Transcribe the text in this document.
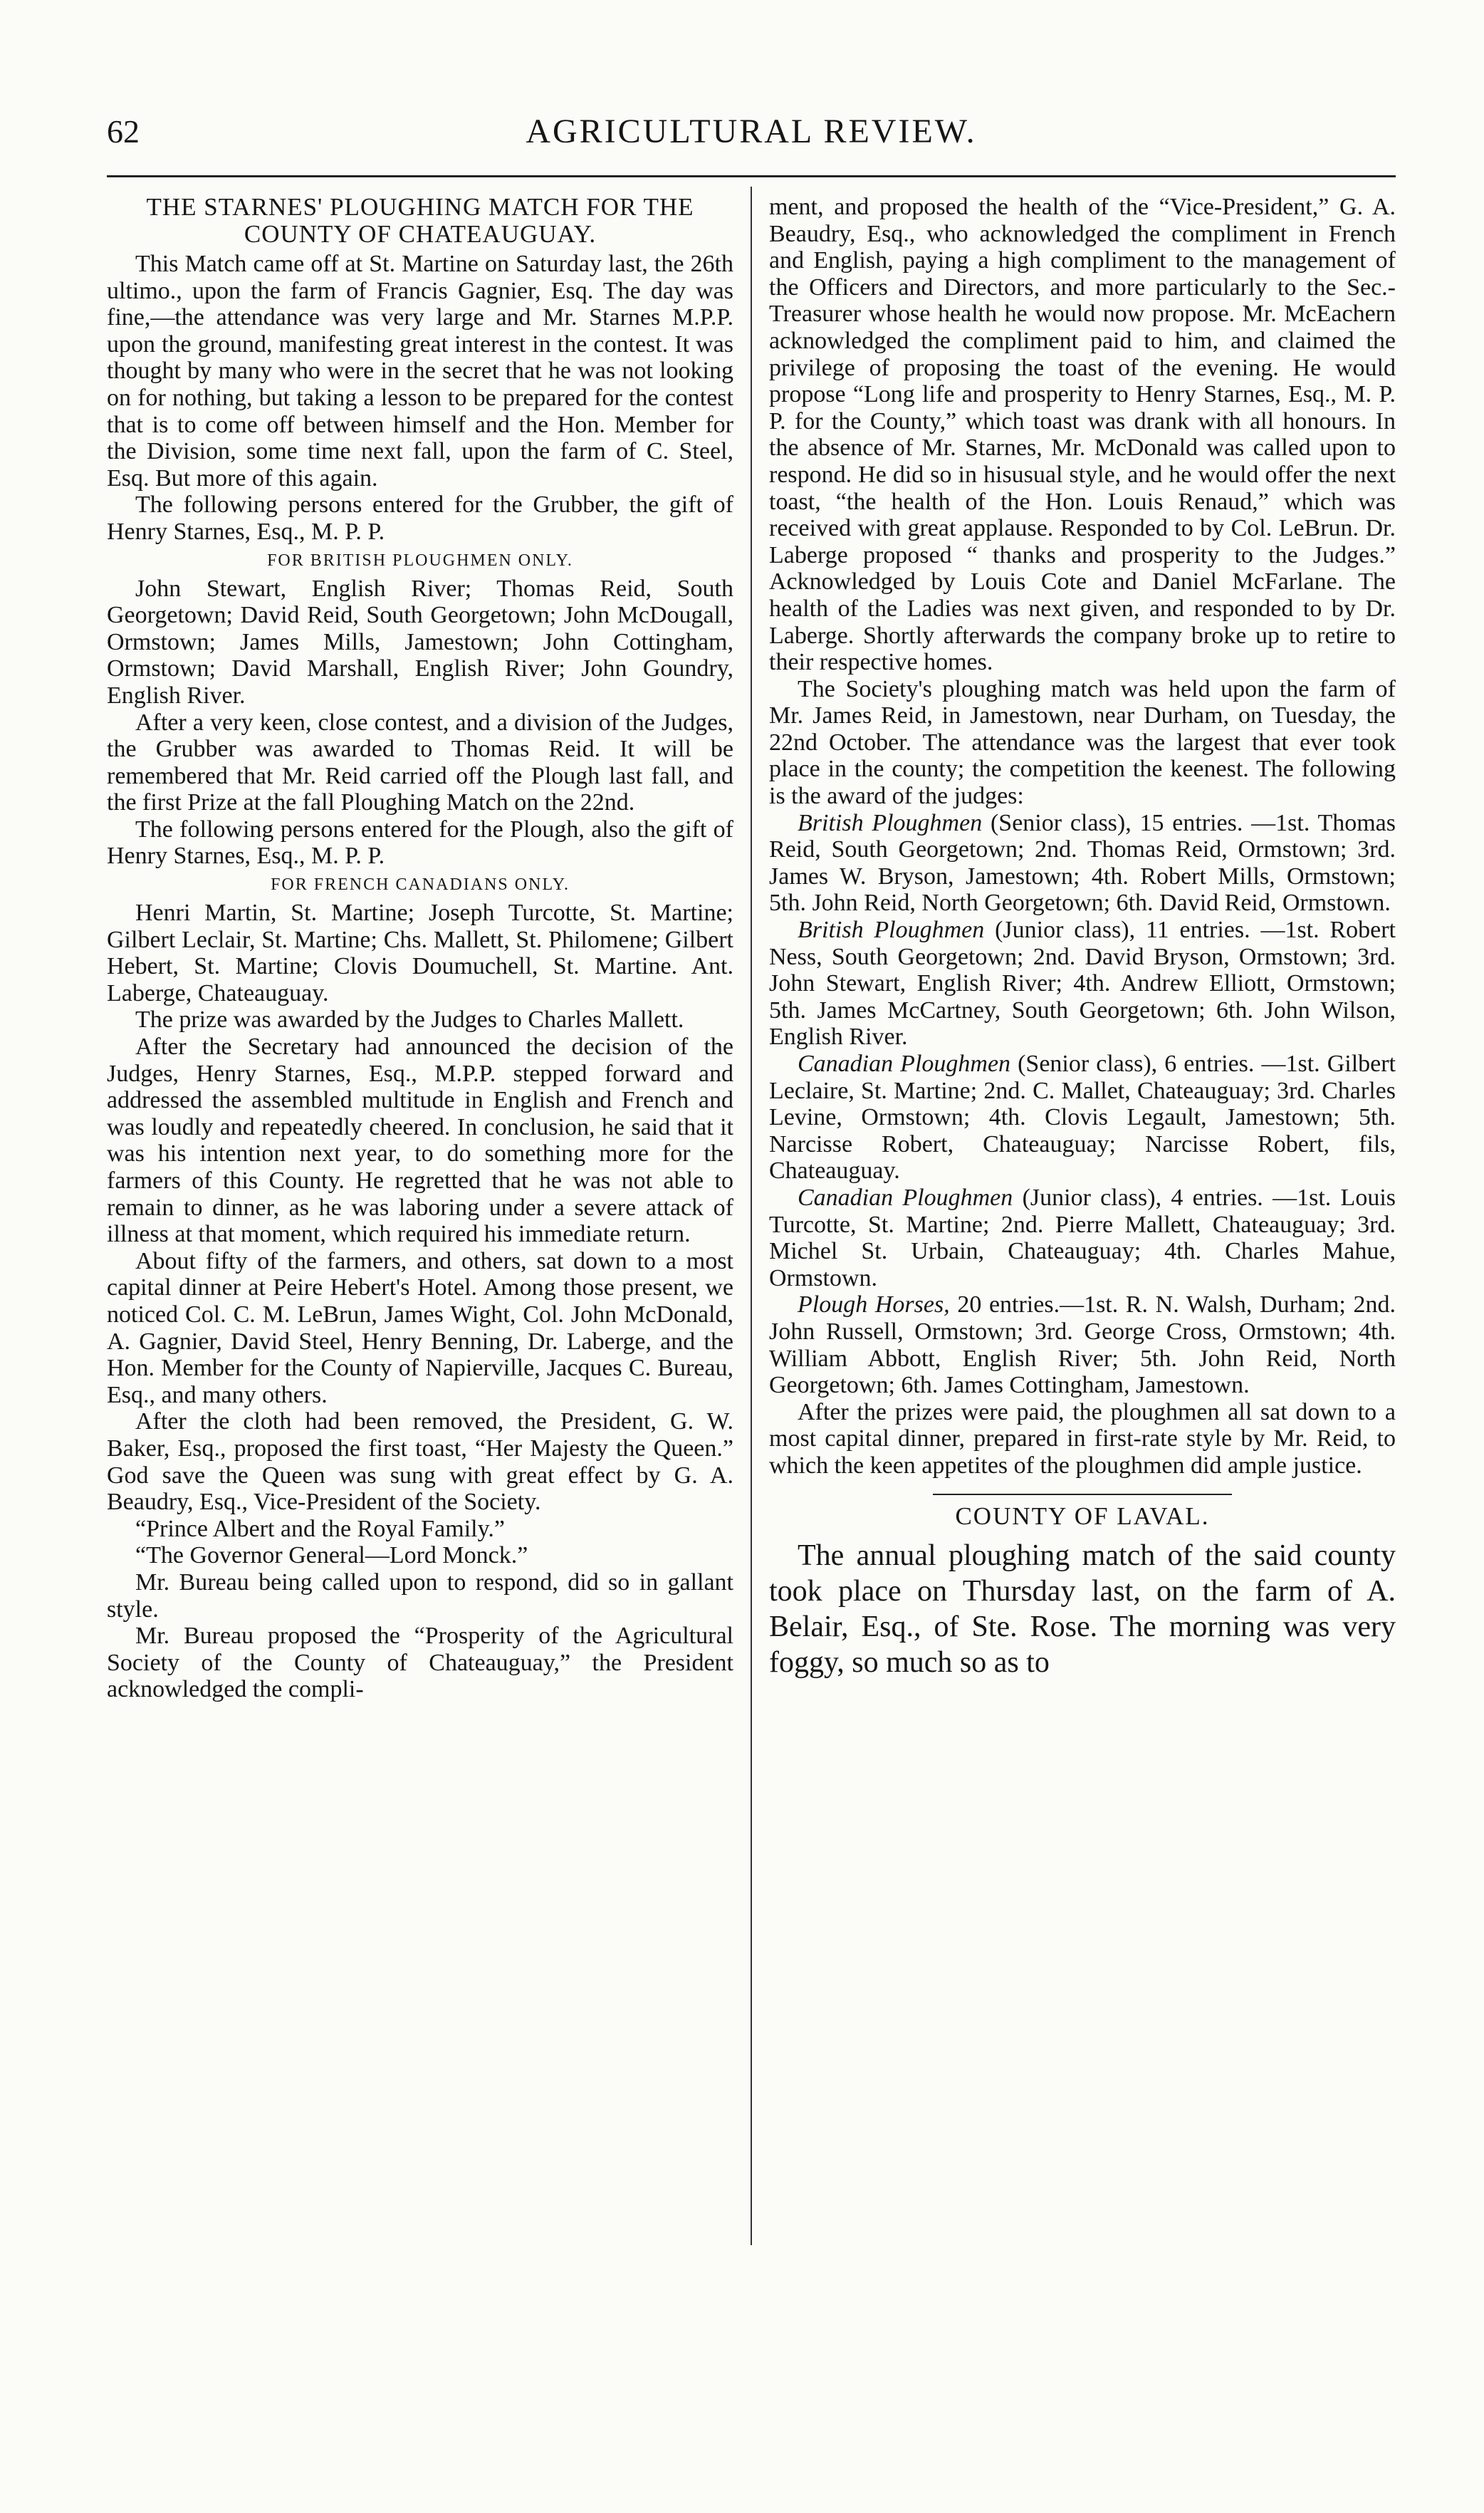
62	AGRICULTURAL REVIEW.
THE STARNES' PLOUGHING MATCH FOR THE COUNTY OF CHATEAUGUAY.

This Match came off at St. Martine on Saturday last, the 26th ultimo., upon the farm of Francis Gagnier, Esq. The day was fine,—the attendance was very large and Mr. Starnes M.P.P. upon the ground, manifesting great interest in the contest. It was thought by many who were in the secret that he was not looking on for nothing, but taking a lesson to be prepared for the contest that is to come off between himself and the Hon. Member for the Division, some time next fall, upon the farm of C. Steel, Esq. But more of this again.

The following persons entered for the Grubber, the gift of Henry Starnes, Esq., M. P. P.

FOR BRITISH PLOUGHMEN ONLY.

John Stewart, English River; Thomas Reid, South Georgetown; David Reid, South Georgetown; John McDougall, Ormstown; James Mills, Jamestown; John Cottingham, Ormstown; David Marshall, English River; John Goundry, English River.

After a very keen, close contest, and a division of the Judges, the Grubber was awarded to Thomas Reid. It will be remembered that Mr. Reid carried off the Plough last fall, and the first Prize at the fall Ploughing Match on the 22nd.

The following persons entered for the Plough, also the gift of Henry Starnes, Esq., M. P. P.

FOR FRENCH CANADIANS ONLY.

Henri Martin, St. Martine; Joseph Turcotte, St. Martine; Gilbert Leclair, St. Martine; Chs. Mallett, St. Philomene; Gilbert Hebert, St. Martine; Clovis Doumuchell, St. Martine. Ant. Laberge, Chateauguay.

The prize was awarded by the Judges to Charles Mallett.

After the Secretary had announced the decision of the Judges, Henry Starnes, Esq., M.P.P. stepped forward and addressed the assembled multitude in English and French and was loudly and repeatedly cheered. In conclusion, he said that it was his intention next year, to do something more for the farmers of this County. He regretted that he was not able to remain to dinner, as he was laboring under a severe attack of illness at that moment, which required his immediate return.

About fifty of the farmers, and others, sat down to a most capital dinner at Peire Hebert's Hotel. Among those present, we noticed Col. C. M. LeBrun, James Wight, Col. John McDonald, A. Gagnier, David Steel, Henry Benning, Dr. Laberge, and the Hon. Member for the County of Napierville, Jacques C. Bureau, Esq., and many others.

After the cloth had been removed, the President, G. W. Baker, Esq., proposed the first toast, “Her Majesty the Queen.” God save the Queen was sung with great effect by G. A. Beaudry, Esq., Vice-President of the Society.

“Prince Albert and the Royal Family.”

“The Governor General—Lord Monck.”

Mr. Bureau being called upon to respond, did so in gallant style.

Mr. Bureau proposed the “Prosperity of the Agricultural Society of the County of Chateauguay,” the President acknowledged the compli-

ment, and proposed the health of the “Vice-President,” G. A. Beaudry, Esq., who acknowledged the compliment in French and English, paying a high compliment to the management of the Officers and Directors, and more particularly to the Sec.-Treasurer whose health he would now propose. Mr. McEachern acknowledged the compliment paid to him, and claimed the privilege of proposing the toast of the evening. He would propose “Long life and prosperity to Henry Starnes, Esq., M. P. P. for the County,” which toast was drank with all honours. In the absence of Mr. Starnes, Mr. McDonald was called upon to respond. He did so in hisusual style, and he would offer the next toast, “the health of the Hon. Louis Renaud,” which was received with great applause. Responded to by Col. LeBrun. Dr. Laberge proposed “ thanks and prosperity to the Judges.” Acknowledged by Louis Cote and Daniel McFarlane. The health of the Ladies was next given, and responded to by Dr. Laberge. Shortly afterwards the company broke up to retire to their respective homes.

The Society's ploughing match was held upon the farm of Mr. James Reid, in Jamestown, near Durham, on Tuesday, the 22nd October. The attendance was the largest that ever took place in the county; the competition the keenest. The following is the award of the judges:

British Ploughmen (Senior class), 15 entries. —1st. Thomas Reid, South Georgetown; 2nd. Thomas Reid, Ormstown; 3rd. James W. Bryson, Jamestown; 4th. Robert Mills, Ormstown; 5th. John Reid, North Georgetown; 6th. David Reid, Ormstown.

British Ploughmen (Junior class), 11 entries. —1st. Robert Ness, South Georgetown; 2nd. David Bryson, Ormstown; 3rd. John Stewart, English River; 4th. Andrew Elliott, Ormstown; 5th. James McCartney, South Georgetown; 6th. John Wilson, English River.

Canadian Ploughmen (Senior class), 6 entries. —1st. Gilbert Leclaire, St. Martine; 2nd. C. Mallet, Chateauguay; 3rd. Charles Levine, Ormstown; 4th. Clovis Legault, Jamestown; 5th. Narcisse Robert, Chateauguay; Narcisse Robert, fils, Chateauguay.

Canadian Ploughmen (Junior class), 4 entries. —1st. Louis Turcotte, St. Martine; 2nd. Pierre Mallett, Chateauguay; 3rd. Michel St. Urbain, Chateauguay; 4th. Charles Mahue, Ormstown.

Plough Horses, 20 entries.—1st. R. N. Walsh, Durham; 2nd. John Russell, Ormstown; 3rd. George Cross, Ormstown; 4th. William Abbott, English River; 5th. John Reid, North Georgetown; 6th. James Cottingham, Jamestown.

After the prizes were paid, the ploughmen all sat down to a most capital dinner, prepared in first-rate style by Mr. Reid, to which the keen appetites of the ploughmen did ample justice.

COUNTY OF LAVAL.

The annual ploughing match of the said county took place on Thursday last, on the farm of A. Belair, Esq., of Ste. Rose. The morning was very foggy, so much so as to
